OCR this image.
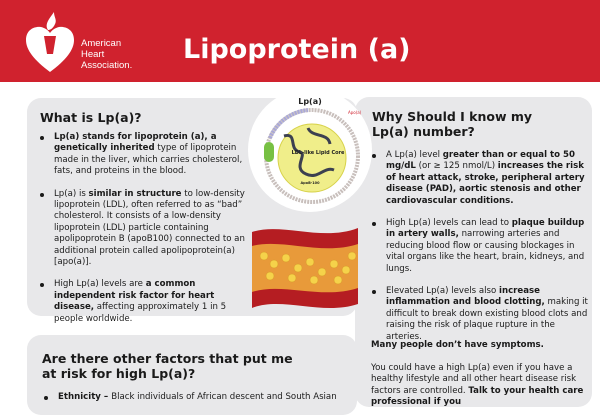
American
Heart
Association.
Lipoprotein (a)
What is Lp(a)?
Lp(a) stands for lipoprotein (a), a genetically inherited type of lipoprotein made in the liver, which carries cholesterol, fats, and proteins in the blood.
Lp(a) is similar in structure to low-density lipoprotein (LDL), often referred to as “bad” cholesterol. It consists of a low-density lipoprotein (LDL) particle containing apolipoprotein B (apoB100) connected to an additional protein called apolipoprotein(a) [apo(a)].
High Lp(a) levels are a common independent risk factor for heart disease, affecting approximately 1 in 5 people worldwide.
Lp(a)
LDL-like Lipid Core
Apo(a)
ApoB-100
Why Should I know my Lp(a) number?
A Lp(a) level greater than or equal to 50 mg/dL (or ≥ 125 nmol/L) increases the risk of heart attack, stroke, peripheral artery disease (PAD), aortic stenosis and other cardiovascular conditions.
High Lp(a) levels can lead to plaque buildup in artery walls, narrowing arteries and reducing blood flow or causing blockages in vital organs like the heart, brain, kidneys, and lungs.
Elevated Lp(a) levels also increase inflammation and blood clotting, making it difficult to break down existing blood clots and raising the risk of plaque rupture in the arteries.
Many people don’t have symptoms.
You could have a high Lp(a) even if you have a healthy lifestyle and all other heart disease risk factors are controlled. Talk to your health care professional if you
Are there other factors that put me at risk for high Lp(a)?
Ethnicity – Black individuals of African descent and South Asian
